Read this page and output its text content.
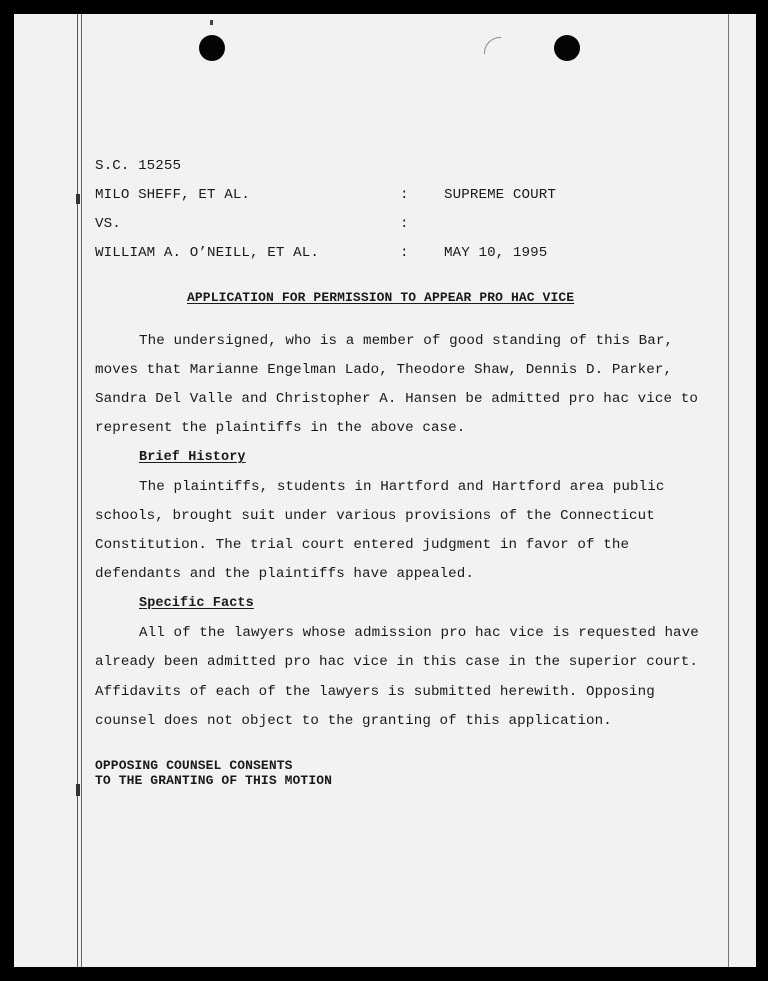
S.C. 15255
MILO SHEFF, ET AL.	: SUPREME COURT
VS.	:
WILLIAM A. O’NEILL, ET AL.	: MAY 10, 1995
APPLICATION FOR PERMISSION TO APPEAR PRO HAC VICE
The undersigned, who is a member of good standing of this Bar,
moves that Marianne Engelman Lado, Theodore Shaw, Dennis D. Parker,
Sandra Del Valle and Christopher A. Hansen be admitted pro hac vice to
represent the plaintiffs in the above case.
Brief History
The plaintiffs, students in Hartford and Hartford area public
schools, brought suit under various provisions of the Connecticut
Constitution. The trial court entered judgment in favor of the
defendants and the plaintiffs have appealed.
Specific Facts
All of the lawyers whose admission pro hac vice is requested have
already been admitted pro hac vice in this case in the superior court.
Affidavits of each of the lawyers is submitted herewith. Opposing
counsel does not object to the granting of this application.
OPPOSING COUNSEL CONSENTS
TO THE GRANTING OF THIS MOTION
